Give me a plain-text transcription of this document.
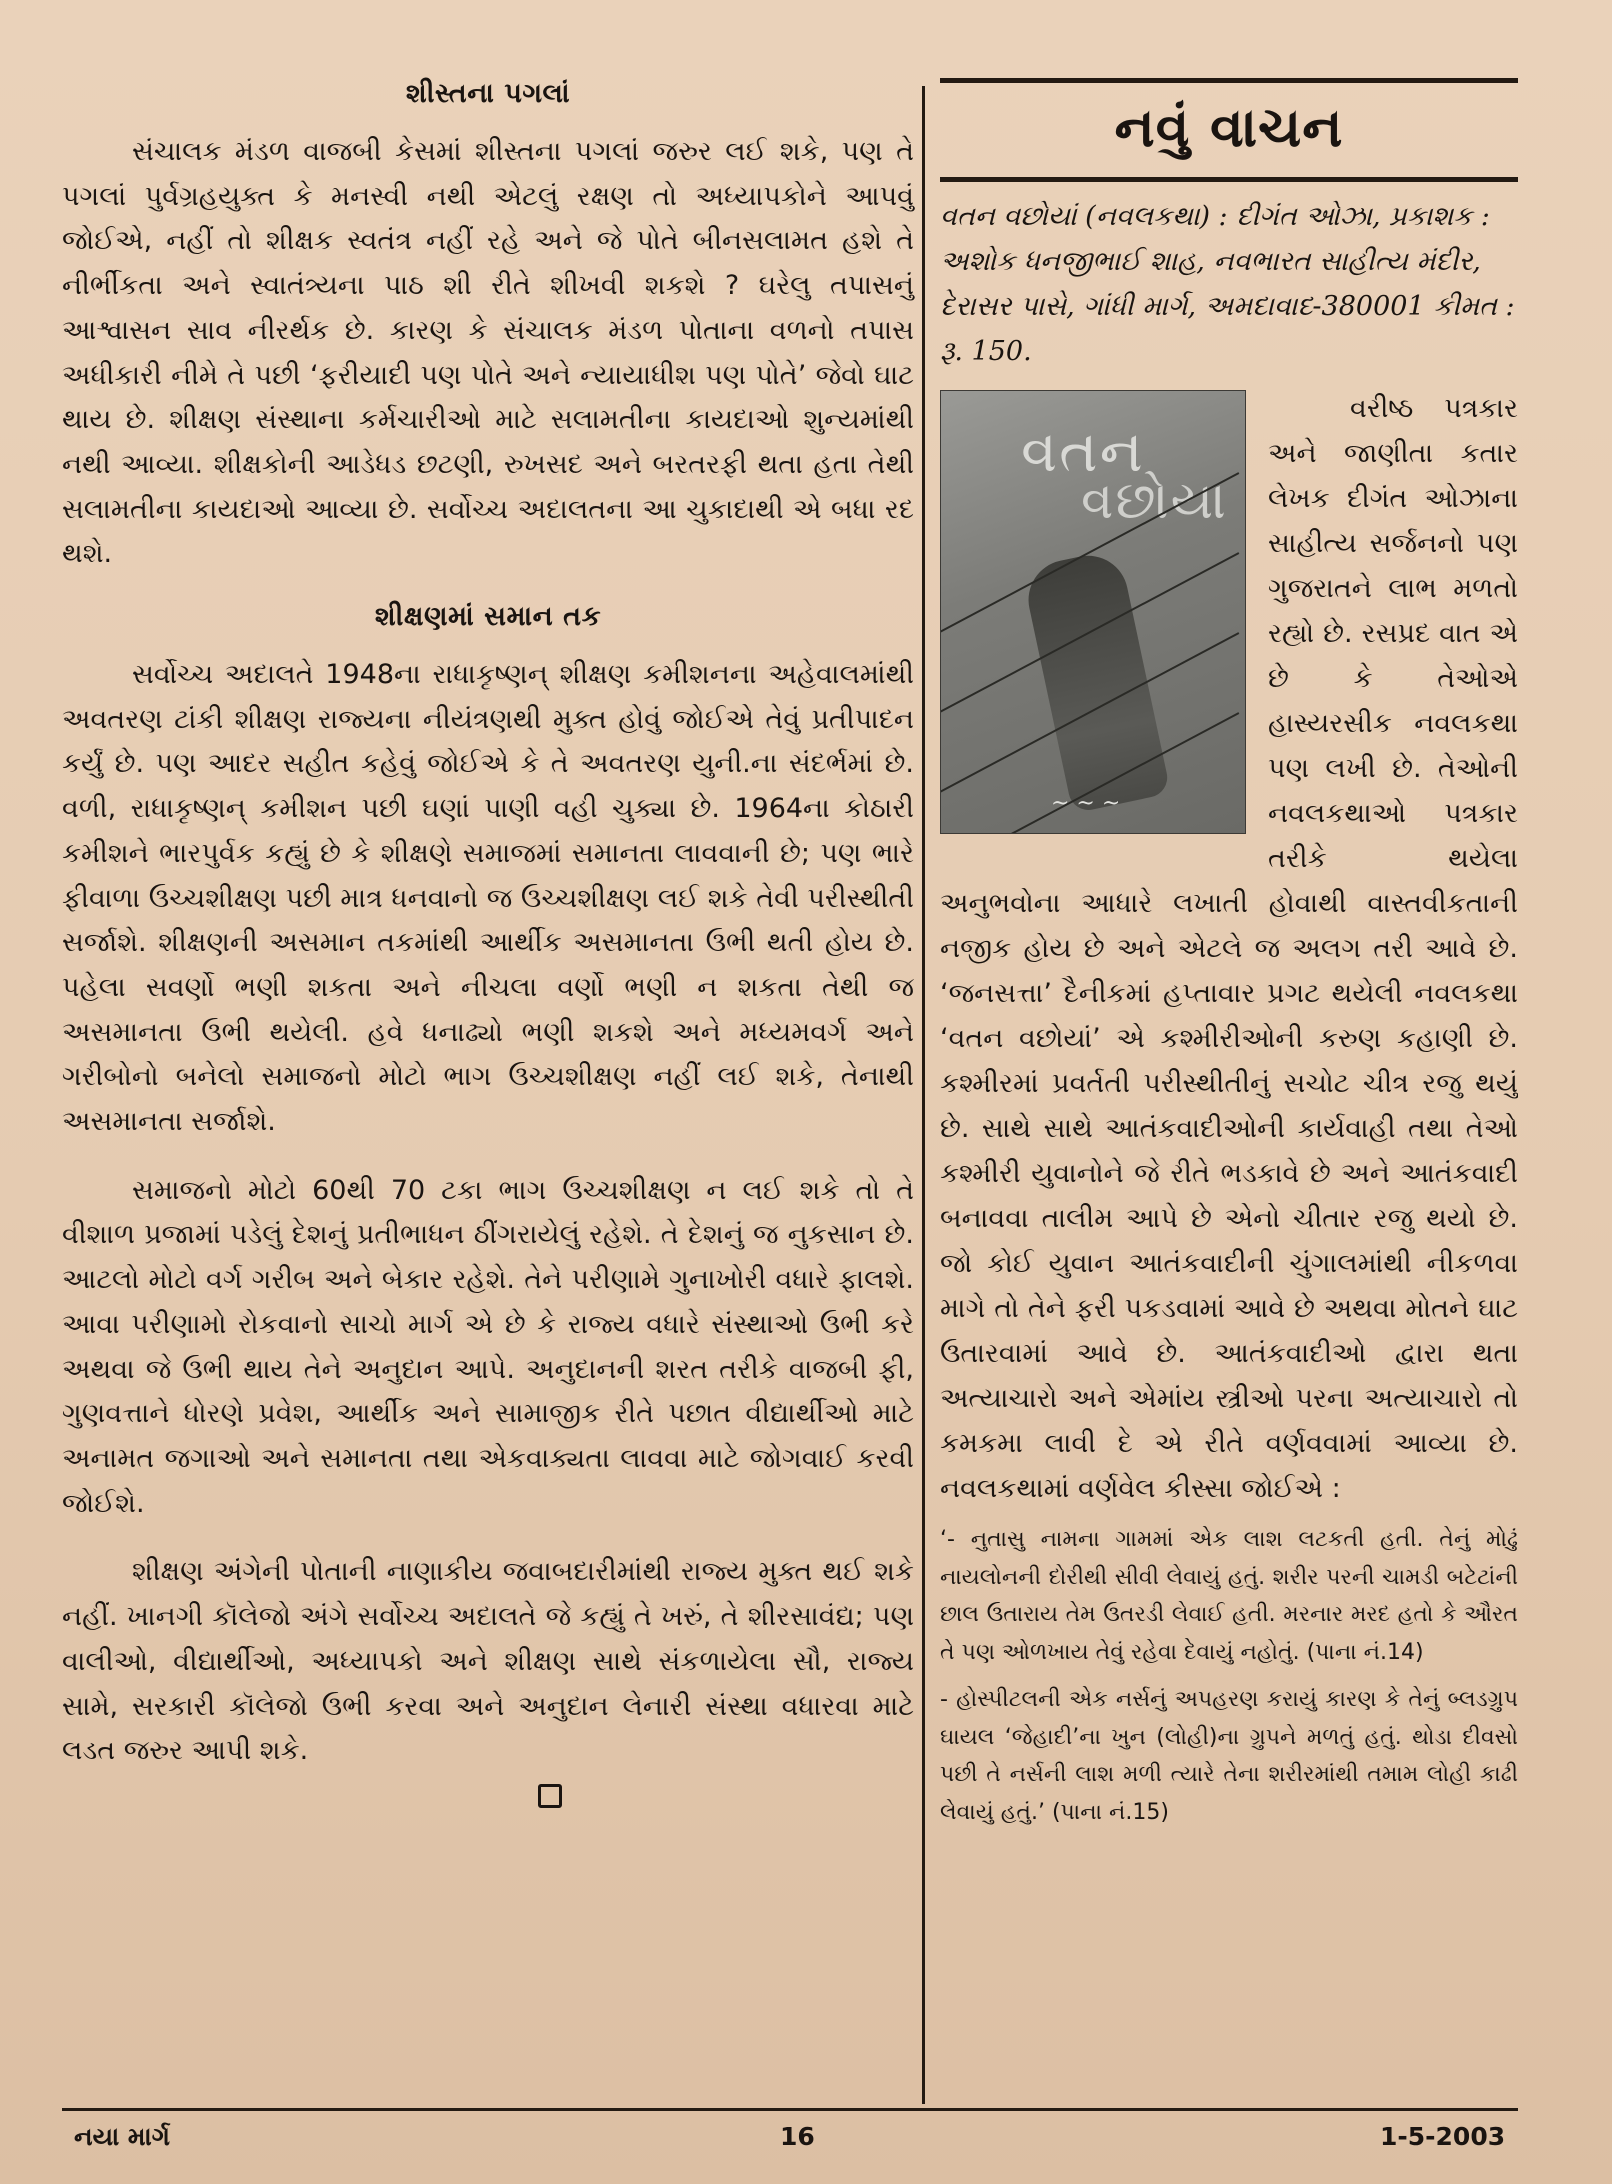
શીસ્તના પગલાં

સંચાલક મંડળ વાજબી કેસમાં શીસ્તના પગલાં જરુર લઈ શકે, પણ તે પગલાં પુર્વગ્રહયુક્ત કે મનસ્વી નથી એટલું રક્ષણ તો અધ્યાપકોને આપવું જોઈએ, નહીં તો શીક્ષક સ્વતંત્ર નહીં રહે અને જે પોતે બીનસલામત હશે તે નીર્ભીકતા અને સ્વાતંત્ર્યના પાઠ શી રીતે શીખવી શકશે ? ઘરેલુ તપાસનું આશ્વાસન સાવ નીરર્થક છે. કારણ કે સંચાલક મંડળ પોતાના વળનો તપાસ અધીકારી નીમે તે પછી ‘ફરીયાદી પણ પોતે અને ન્યાયાધીશ પણ પોતે’ જેવો ઘાટ થાય છે. શીક્ષણ સંસ્થાના કર્મચારીઓ માટે સલામતીના કાયદાઓ શુન્યમાંથી નથી આવ્યા. શીક્ષકોની આડેધડ છટણી, રુખસદ અને બરતરફી થતા હતા તેથી સલામતીના કાયદાઓ આવ્યા છે. સર્વોચ્ચ અદાલતના આ ચુકાદાથી એ બધા રદ થશે.

શીક્ષણમાં સમાન તક

સર્વોચ્ચ અદાલતે 1948ના રાધાકૃષ્ણન્ શીક્ષણ કમીશનના અહેવાલમાંથી અવતરણ ટાંકી શીક્ષણ રાજ્યના નીયંત્રણથી મુક્ત હોવું જોઈએ તેવું પ્રતીપાદન કર્યું છે. પણ આદર સહીત કહેવું જોઈએ કે તે અવતરણ યુની.ના સંદર્ભમાં છે. વળી, રાધાકૃષ્ણન્ કમીશન પછી ઘણાં પાણી વહી ચુક્યા છે. 1964ના કોઠારી કમીશને ભારપુર્વક કહ્યું છે કે શીક્ષણે સમાજમાં સમાનતા લાવવાની છે; પણ ભારે ફીવાળા ઉચ્ચશીક્ષણ પછી માત્ર ધનવાનો જ ઉચ્ચશીક્ષણ લઈ શકે તેવી પરીસ્થીતી સર્જાશે. શીક્ષણની અસમાન તકમાંથી આર્થીક અસમાનતા ઉભી થતી હોય છે. પહેલા સવર્ણો ભણી શકતા અને નીચલા વર્ણો ભણી ન શકતા તેથી જ અસમાનતા ઉભી થયેલી. હવે ધનાઢ્યો ભણી શકશે અને મધ્યમવર્ગ અને ગરીબોનો બનેલો સમાજનો મોટો ભાગ ઉચ્ચશીક્ષણ નહીં લઈ શકે, તેનાથી અસમાનતા સર્જાશે.

સમાજનો મોટો 60થી 70 ટકા ભાગ ઉચ્ચશીક્ષણ ન લઈ શકે તો તે વીશાળ પ્રજામાં પડેલું દેશનું પ્રતીભાધન ઠીંગરાયેલું રહેશે. તે દેશનું જ નુકસાન છે. આટલો મોટો વર્ગ ગરીબ અને બેકાર રહેશે. તેને પરીણામે ગુનાખોરી વધારે ફાલશે. આવા પરીણામો રોકવાનો સાચો માર્ગ એ છે કે રાજ્ય વધારે સંસ્થાઓ ઉભી કરે અથવા જે ઉભી થાય તેને અનુદાન આપે. અનુદાનની શરત તરીકે વાજબી ફી, ગુણવત્તાને ધોરણે પ્રવેશ, આર્થીક અને સામાજીક રીતે પછાત વીદ્યાર્થીઓ માટે અનામત જગાઓ અને સમાનતા તથા એકવાક્યતા લાવવા માટે જોગવાઈ કરવી જોઈશે.

શીક્ષણ અંગેની પોતાની નાણાકીય જવાબદારીમાંથી રાજ્ય મુક્ત થઈ શકે નહીં. ખાનગી કૉલેજો અંગે સર્વોચ્ચ અદાલતે જે કહ્યું તે ખરું, તે શીરસાવંદ્ય; પણ વાલીઓ, વીદ્યાર્થીઓ, અધ્યાપકો અને શીક્ષણ સાથે સંકળાયેલા સૌ, રાજ્ય સામે, સરકારી કૉલેજો ઉભી કરવા અને અનુદાન લેનારી સંસ્થા વધારવા માટે લડત જરુર આપી શકે.

નવું વાચન
વતન વછોયાં (નવલકથા) : દીગંત ઓઝા, પ્રકાશક : અશોક ધનજીભાઈ શાહ, નવભારત સાહીત્ય મંદીર, દેરાસર પાસે, ગાંધી માર્ગ, અમદાવાદ-380001 કીમત : રૂ. 150.
વતન
વછોયા
~ ~ ~

વરીષ્ઠ પત્રકાર અને જાણીતા કતાર લેખક દીગંત ઓઝાના સાહીત્ય સર્જનનો પણ ગુજરાતને લાભ મળતો રહ્યો છે. રસપ્રદ વાત એ છે કે તેઓએ હાસ્યરસીક નવલકથા પણ લખી છે. તેઓની નવલકથાઓ પત્રકાર તરીકે થયેલા અનુભવોના આધારે લખાતી હોવાથી વાસ્તવીકતાની નજીક હોય છે અને એટલે જ અલગ તરી આવે છે. ‘જનસત્તા’ દૈનીકમાં હપ્તાવાર પ્રગટ થયેલી નવલકથા ‘વતન વછોયાં’ એ કશ્મીરીઓની કરુણ કહાણી છે. કશ્મીરમાં પ્રવર્તતી પરીસ્થીતીનું સચોટ ચીત્ર રજુ થયું છે. સાથે સાથે આતંકવાદીઓની કાર્યવાહી તથા તેઓ કશ્મીરી યુવાનોને જે રીતે ભડકાવે છે અને આતંકવાદી બનાવવા તાલીમ આપે છે એનો ચીતાર રજુ થયો છે. જો કોઈ યુવાન આતંકવાદીની ચુંગાલમાંથી નીકળવા માગે તો તેને ફરી પકડવામાં આવે છે અથવા મોતને ઘાટ ઉતારવામાં આવે છે. આતંકવાદીઓ દ્વારા થતા અત્યાચારો અને એમાંય સ્ત્રીઓ પરના અત્યાચારો તો કમકમા લાવી દે એ રીતે વર્ણવવામાં આવ્યા છે. નવલકથામાં વર્ણવેલ કીસ્સા જોઈએ :

‘- નુતાસુ નામના ગામમાં એક લાશ લટકતી હતી. તેનું મોઢું નાયલોનની દોરીથી સીવી લેવાયું હતું. શરીર પરની ચામડી બટેટાંની છાલ ઉતારાય તેમ ઉતરડી લેવાઈ હતી. મરનાર મરદ હતો કે ઔરત તે પણ ઓળખાય તેવું રહેવા દેવાયું નહોતું. (પાના નં.14)

- હોસ્પીટલની એક નર્સનું અપહરણ કરાયું કારણ કે તેનું બ્લડગ્રુપ ઘાયલ ‘જેહાદી’ના ખુન (લોહી)ના ગ્રુપને મળતું હતું. થોડા દીવસો પછી તે નર્સની લાશ મળી ત્યારે તેના શરીરમાંથી તમામ લોહી કાઢી લેવાયું હતું.’ (પાના નં.15)

નયા માર્ગ	16	1-5-2003
